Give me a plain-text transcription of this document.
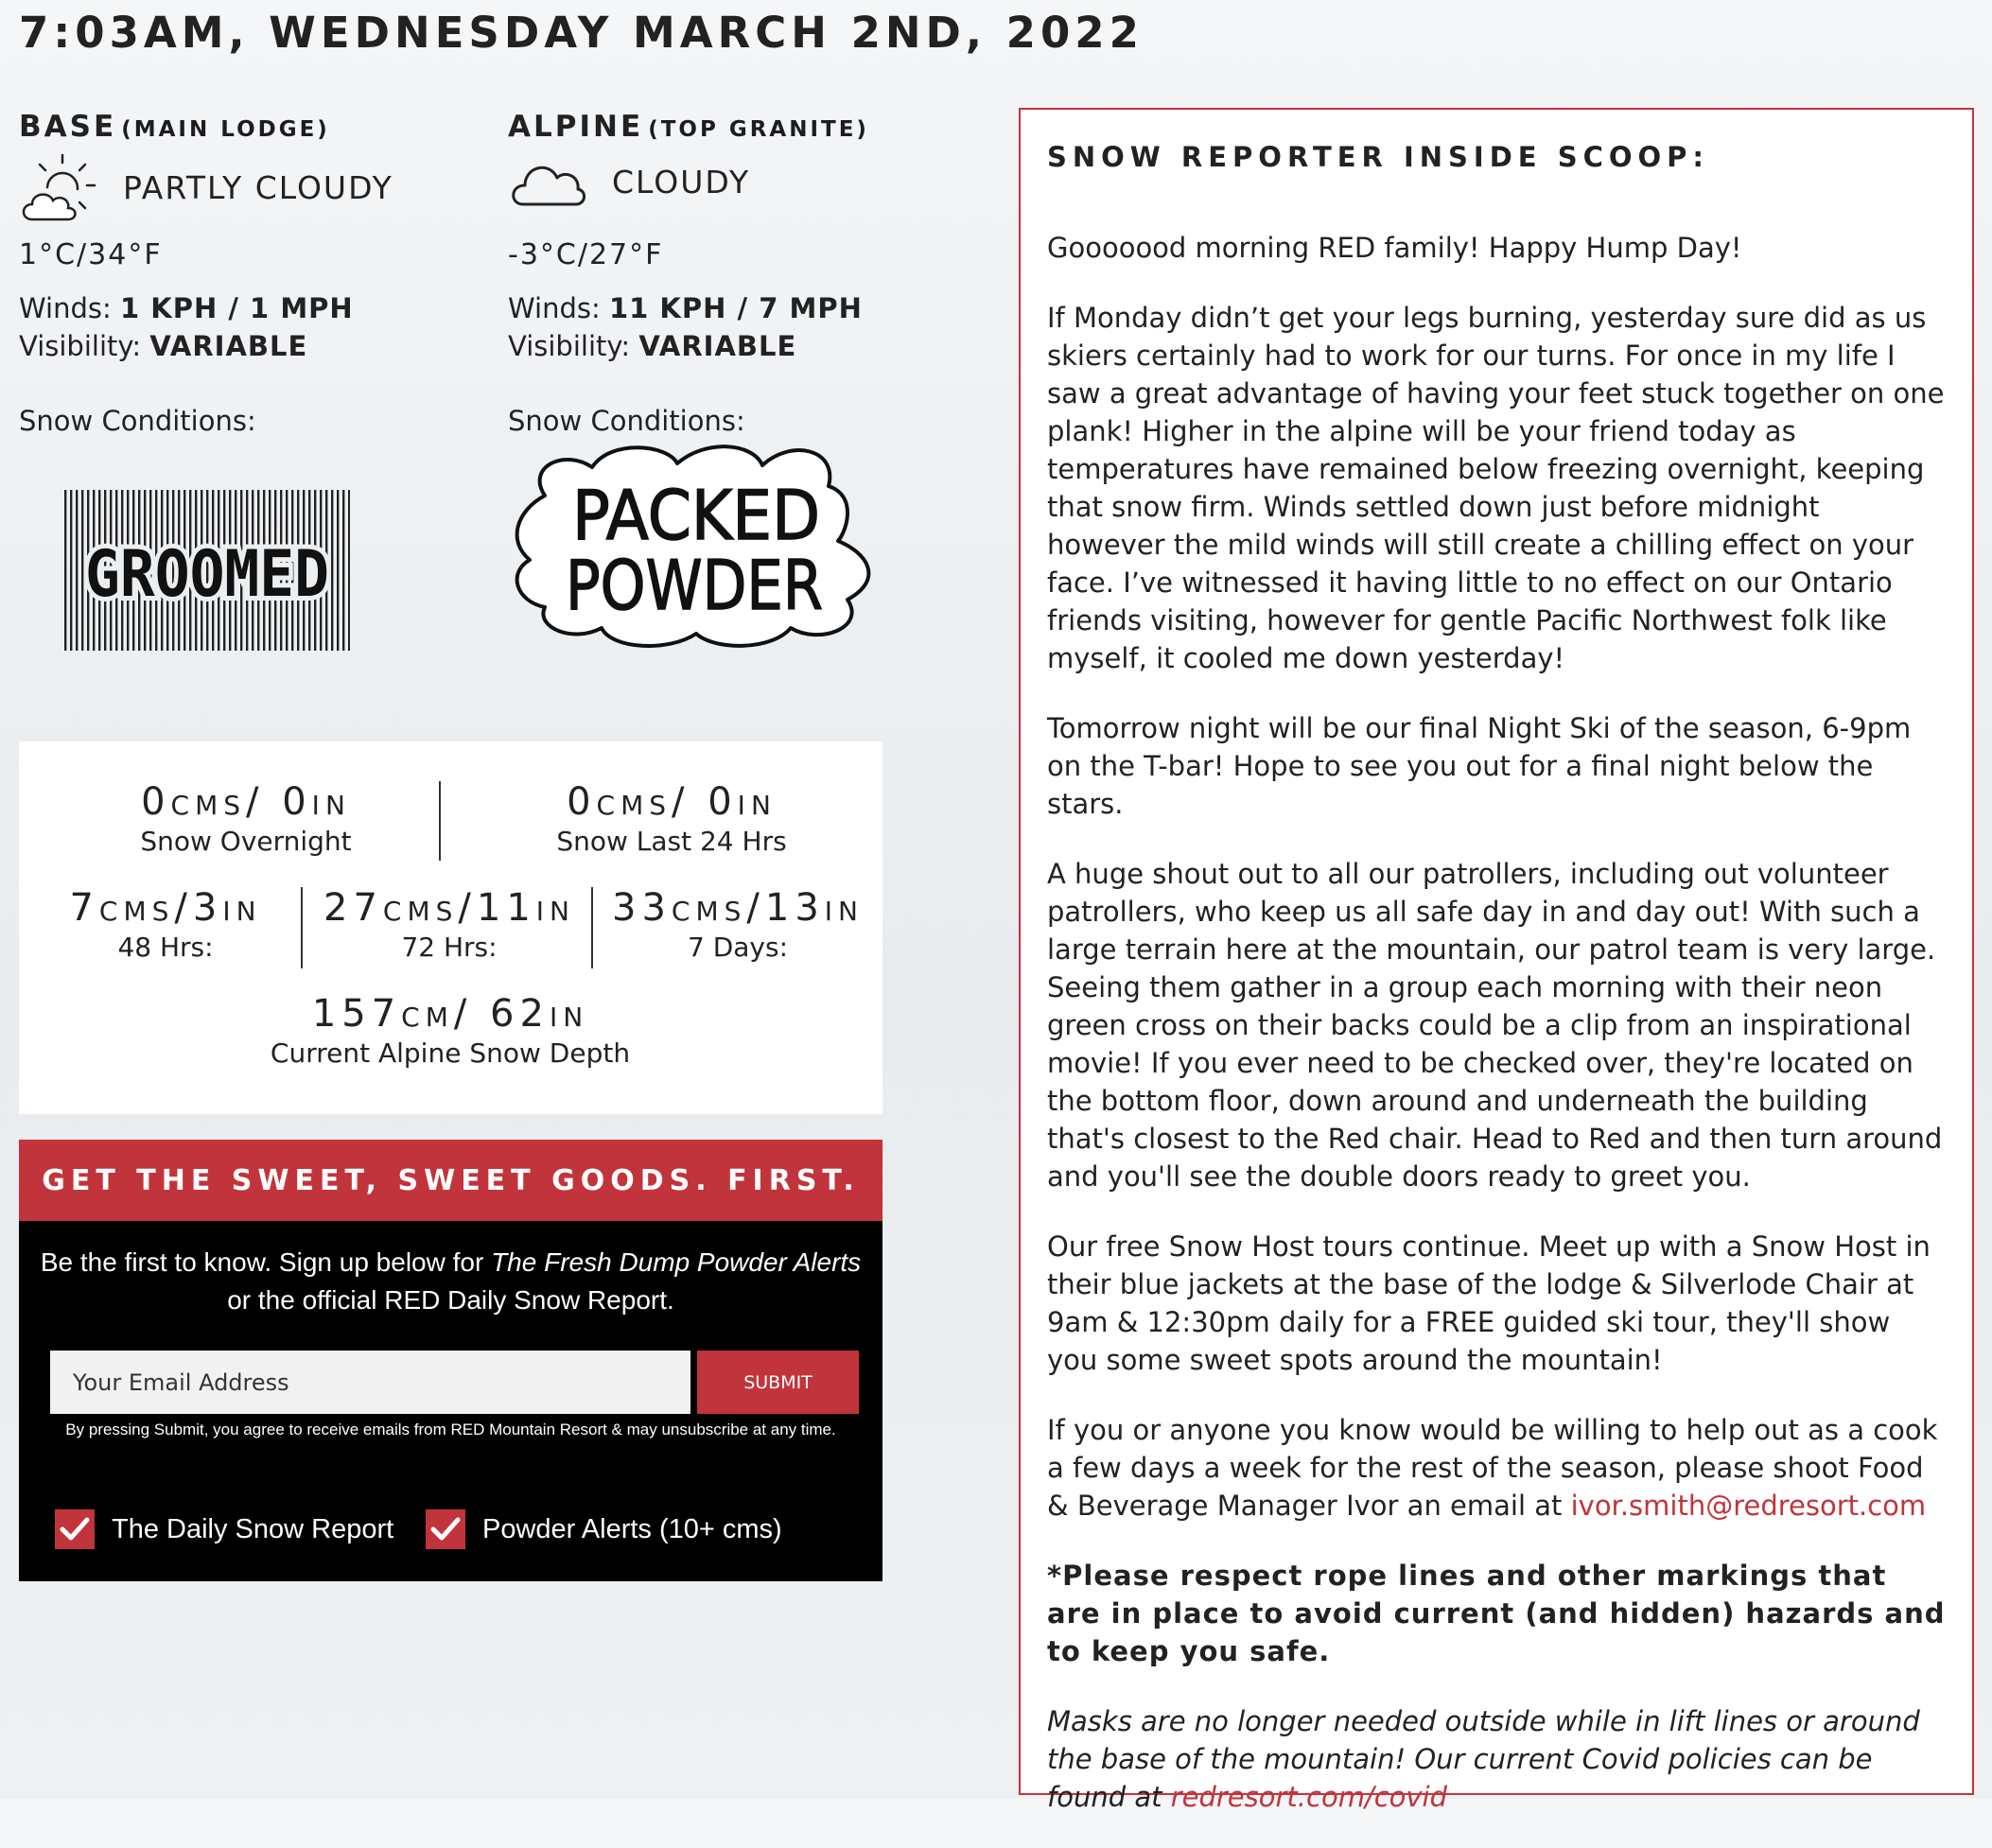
7:03AM, WEDNESDAY MARCH 2ND, 2022
BASE (MAIN LODGE)
PARTLY CLOUDY
1°C/34°F
Winds: 1 KPH / 1 MPH
Visibility: VARIABLE
Snow Conditions:
GROOMED
ALPINE (TOP GRANITE)
CLOUDY
-3°C/27°F
Winds: 11 KPH / 7 MPH
Visibility: VARIABLE
Snow Conditions:
PACKED
POWDER
0cms/ 0in
Snow Overnight
0cms/ 0in
Snow Last 24 Hrs
7cms/3in
48 Hrs:
27cms/11in
72 Hrs:
33cms/13in
7 Days:
157cm/ 62in
Current Alpine Snow Depth
GET THE SWEET, SWEET GOODS. FIRST.
Be the first to know. Sign up below for The Fresh Dump Powder Alerts or the official RED Daily Snow Report.
Your Email Address
SUBMIT
By pressing Submit, you agree to receive emails from RED Mountain Resort & may unsubscribe at any time.
The Daily Snow Report	Powder Alerts (10+ cms)
SNOW REPORTER INSIDE SCOOP:

Gooooood morning RED family! Happy Hump Day!

If Monday didn’t get your legs burning, yesterday sure did as us skiers certainly had to work for our turns. For once in my life I saw a great advantage of having your feet stuck together on one plank! Higher in the alpine will be your friend today as temperatures have remained below freezing overnight, keeping that snow firm. Winds settled down just before midnight however the mild winds will still create a chilling effect on your face. I’ve witnessed it having little to no effect on our Ontario friends visiting, however for gentle Pacific Northwest folk like myself, it cooled me down yesterday!

Tomorrow night will be our final Night Ski of the season, 6-9pm on the T-bar! Hope to see you out for a final night below the stars.

A huge shout out to all our patrollers, including out volunteer patrollers, who keep us all safe day in and day out! With such a large terrain here at the mountain, our patrol team is very large. Seeing them gather in a group each morning with their neon green cross on their backs could be a clip from an inspirational movie! If you ever need to be checked over, they're located on the bottom floor, down around and underneath the building that's closest to the Red chair. Head to Red and then turn around and you'll see the double doors ready to greet you.

Our free Snow Host tours continue. Meet up with a Snow Host in their blue jackets at the base of the lodge & Silverlode Chair at 9am & 12:30pm daily for a FREE guided ski tour, they'll show you some sweet spots around the mountain!

If you or anyone you know would be willing to help out as a cook a few days a week for the rest of the season, please shoot Food & Beverage Manager Ivor an email at ivor.smith@redresort.com

*Please respect rope lines and other markings that are in place to avoid current (and hidden) hazards and to keep you safe.

Masks are no longer needed outside while in lift lines or around the base of the mountain! Our current Covid policies can be found at redresort.com/covid
